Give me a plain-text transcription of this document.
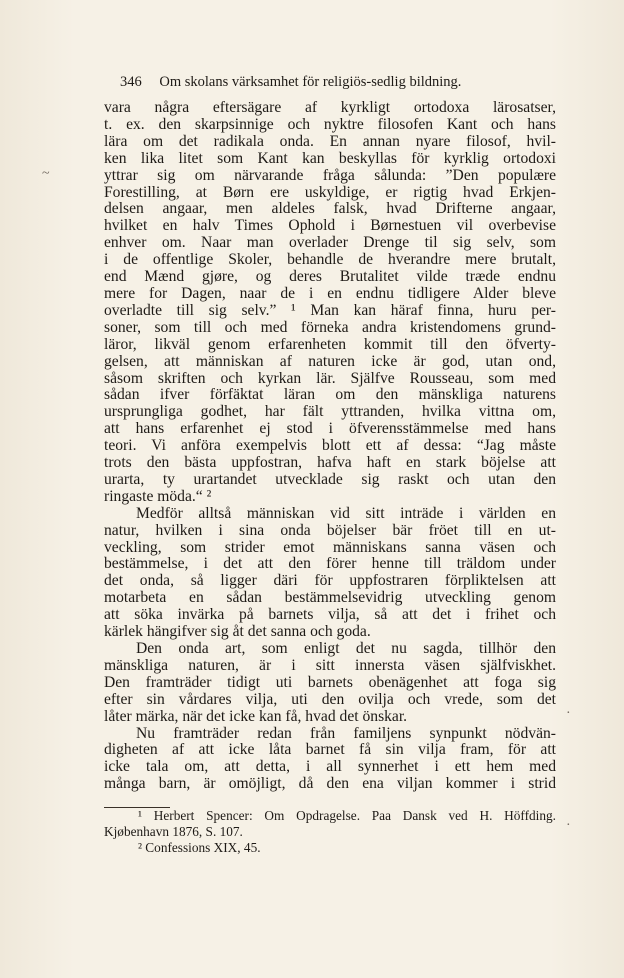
346 Om skolans värksamhet för religiös-sedlig bildning.
vara några eftersägare af kyrkligt ortodoxa lärosatser,
t. ex. den skarpsinnige och nyktre filosofen Kant och hans
lära om det radikala onda. En annan nyare filosof, hvil-
ken lika litet som Kant kan beskyllas för kyrklig ortodoxi
yttrar sig om närvarande fråga sålunda: ”Den populære
Forestilling, at Børn ere uskyldige, er rigtig hvad Erkjen-
delsen angaar, men aldeles falsk, hvad Drifterne angaar,
hvilket en halv Times Ophold i Børnestuen vil overbevise
enhver om. Naar man overlader Drenge til sig selv, som
i de offentlige Skoler, behandle de hverandre mere brutalt,
end Mænd gjøre, og deres Brutalitet vilde træde endnu
mere for Dagen, naar de i en endnu tidligere Alder bleve
overladte till sig selv.” ¹ Man kan häraf finna, huru per-
soner, som till och med förneka andra kristendomens grund-
läror, likväl genom erfarenheten kommit till den öfverty-
gelsen, att människan af naturen icke är god, utan ond,
såsom skriften och kyrkan lär. Själfve Rousseau, som med
sådan ifver förfäktat läran om den mänskliga naturens
ursprungliga godhet, har fält yttranden, hvilka vittna om,
att hans erfarenhet ej stod i öfverensstämmelse med hans
teori. Vi anföra exempelvis blott ett af dessa: “Jag måste
trots den bästa uppfostran, hafva haft en stark böjelse att
urarta, ty urartandet utvecklade sig raskt och utan den
ringaste möda.“ ²
Medför alltså människan vid sitt inträde i världen en
natur, hvilken i sina onda böjelser bär fröet till en ut-
veckling, som strider emot människans sanna väsen och
bestämmelse, i det att den förer henne till träldom under
det onda, så ligger däri för uppfostraren förpliktelsen att
motarbeta en sådan bestämmelsevidrig utveckling genom
att söka invärka på barnets vilja, så att det i frihet och
kärlek hängifver sig åt det sanna och goda.
Den onda art, som enligt det nu sagda, tillhör den
mänskliga naturen, är i sitt innersta väsen själfviskhet.
Den framträder tidigt uti barnets obenägenhet att foga sig
efter sin vårdares vilja, uti den ovilja och vrede, som det
låter märka, när det icke kan få, hvad det önskar.
Nu framträder redan från familjens synpunkt nödvän-
digheten af att icke låta barnet få sin vilja fram, för att
icke tala om, att detta, i all synnerhet i ett hem med
många barn, är omöjligt, då den ena viljan kommer i strid
¹ Herbert Spencer: Om Opdragelse. Paa Dansk ved H. Höffding.
Kjøbenhavn 1876, S. 107.
² Confessions XIX, 45.
~
·
·
